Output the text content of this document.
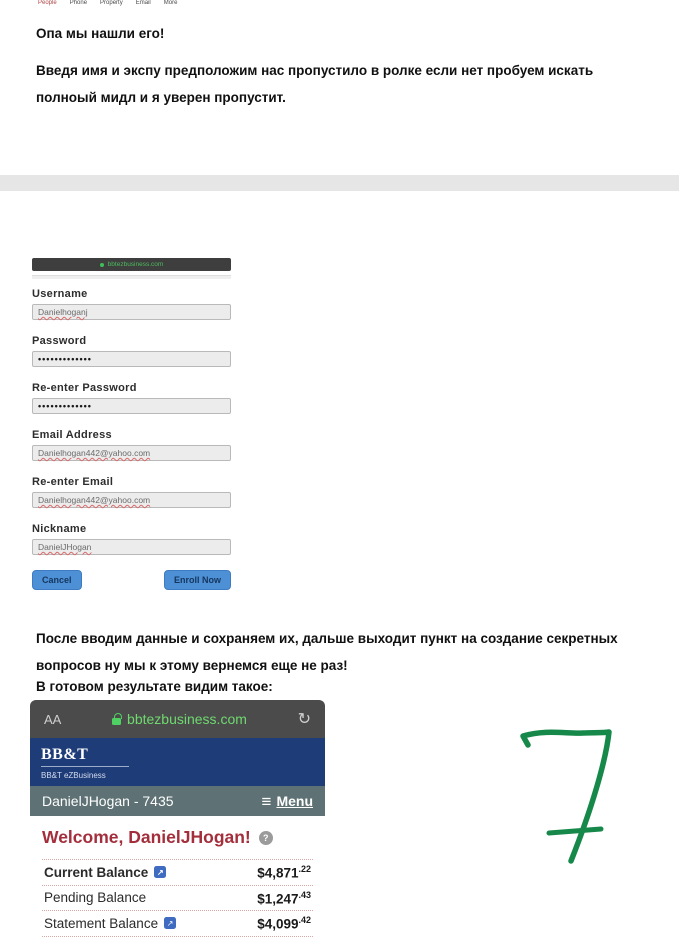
People Phone Property Email More
Опа мы нашли его!
Введя имя и экспу предположим нас пропустило в ролке если нет пробуем искать полноый мидл и я уверен пропустит.
bbtezbusiness.com
Username
Danielhoganj
Password
•••••••••••••
Re-enter Password
•••••••••••••
Email Address
Danielhogan442@yahoo.com
Re-enter Email
Danielhogan442@yahoo.com
Nickname
DanielJHogan
Cancel	Enroll Now
После вводим данные и сохраняем их, дальше выходит пункт на создание секретных вопросов ну мы к этому вернемся еще не раз!
В готовом результате видим такое:
AA	bbtezbusiness.com	↻
BB&T
BB&T eZBusiness
DanielJHogan - 7435	≡ Menu
Welcome, DanielJHogan!	?
Current Balance	↗	$\$4,871^{.22}$
Pending Balance	$\$1,247^{.43}$
Statement Balance	↗	$\$4,099^{.42}$
